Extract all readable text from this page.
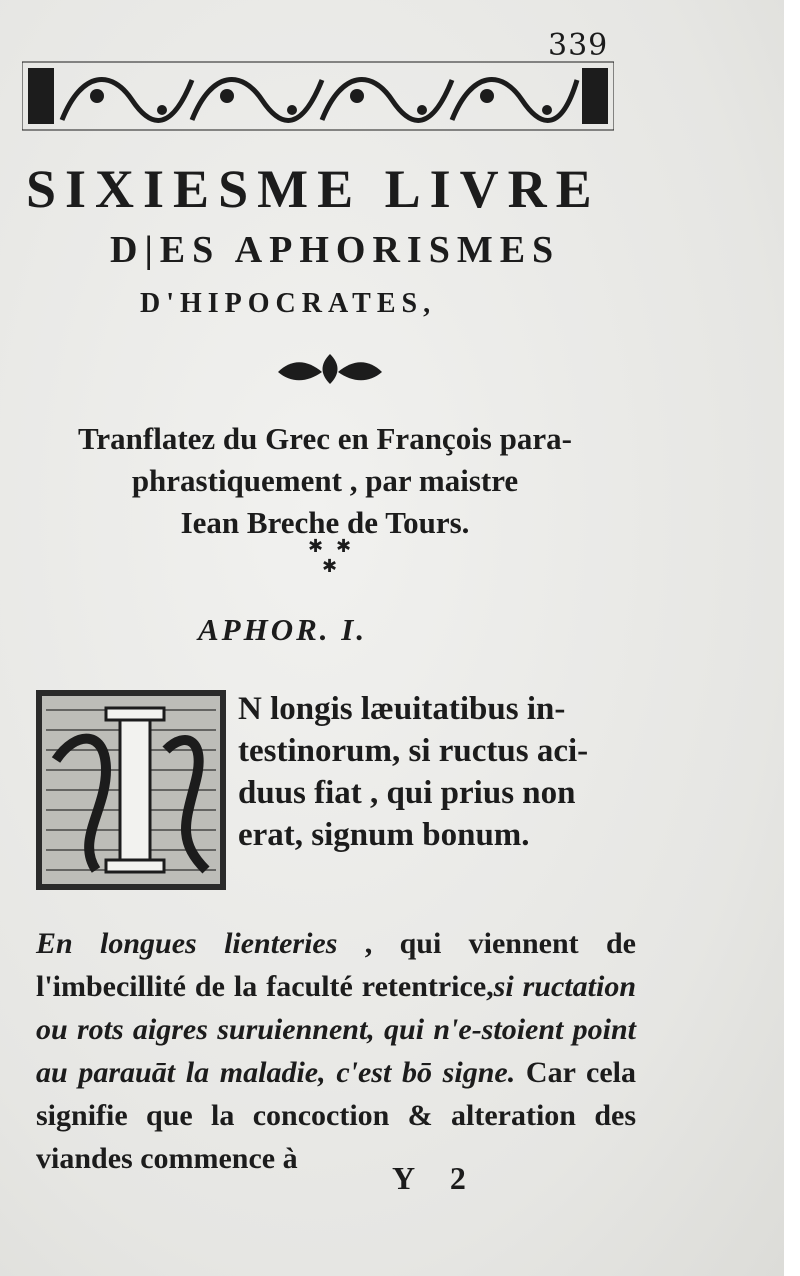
339
SIXIESME LIVRE
D|ES APHORISMES
D'HIPOCRATES,
Tranflatez du Grec en François para-
phrastiquement , par maistre
Iean Breche de Tours.
✱ ✱
✱
APHOR. I.
N longis læuitatibus in-
testinorum, si ructus aci-
duus fiat , qui prius non
erat, signum bonum.
En longues lienteries , qui viennent de l'imbecillité de la faculté retentrice,si ructation ou rots aigres suruiennent, qui n'e-stoient point au parauāt la maladie, c'est bō signe. Car cela signifie que la concoction & alteration des viandes commence à
Y 2
